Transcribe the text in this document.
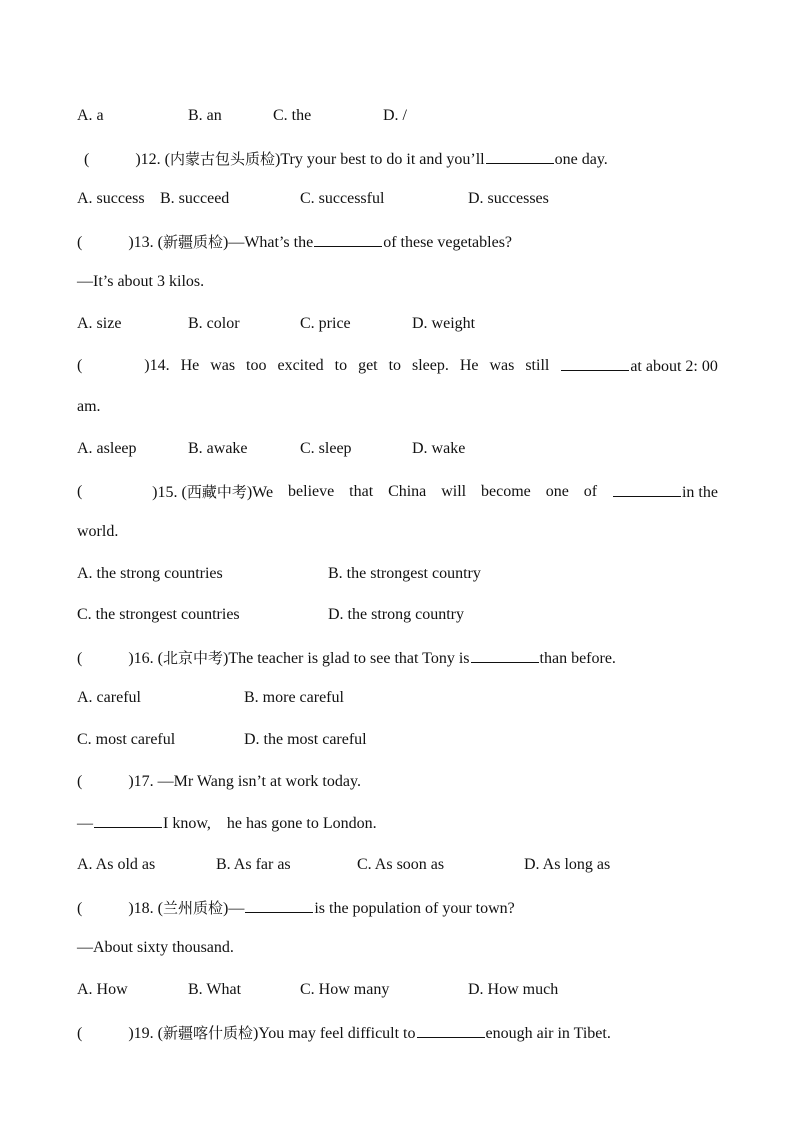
A. a	B. an	C. the	D. /
(	)12. (内蒙古包头质检)Try your best to do it and you’ll	one day.
A. success B. succeed	C. successful	D. successes
(	)13. (新疆质检)—What’s the	of these vegetables?
—It’s about 3 kilos.
A. size	B. color	C. price	D. weight
(	)14. He was too excited to get to sleep. He was still	at about 2: 00
am.
A. asleep	B. awake	C. sleep	D. wake
(	)15. (西藏中考)We believe that China will become one of	in the
world.
A. the strong countries	B. the strongest country
C. the strongest countries	D. the strong country
(	)16. (北京中考)The teacher is glad to see that Tony is	than before.
A. careful	B. more careful
C. most careful	D. the most careful
(	)17. —Mr Wang isn’t at work today.
—	I know,    he has gone to London.
A. As old as	B. As far as	C. As soon as	D. As long as
(	)18. (兰州质检)—	is the population of your town?
—About sixty thousand.
A. How	B. What	C. How many	D. How much
(	)19. (新疆喀什质检)You may feel difficult to	enough air in Tibet.
